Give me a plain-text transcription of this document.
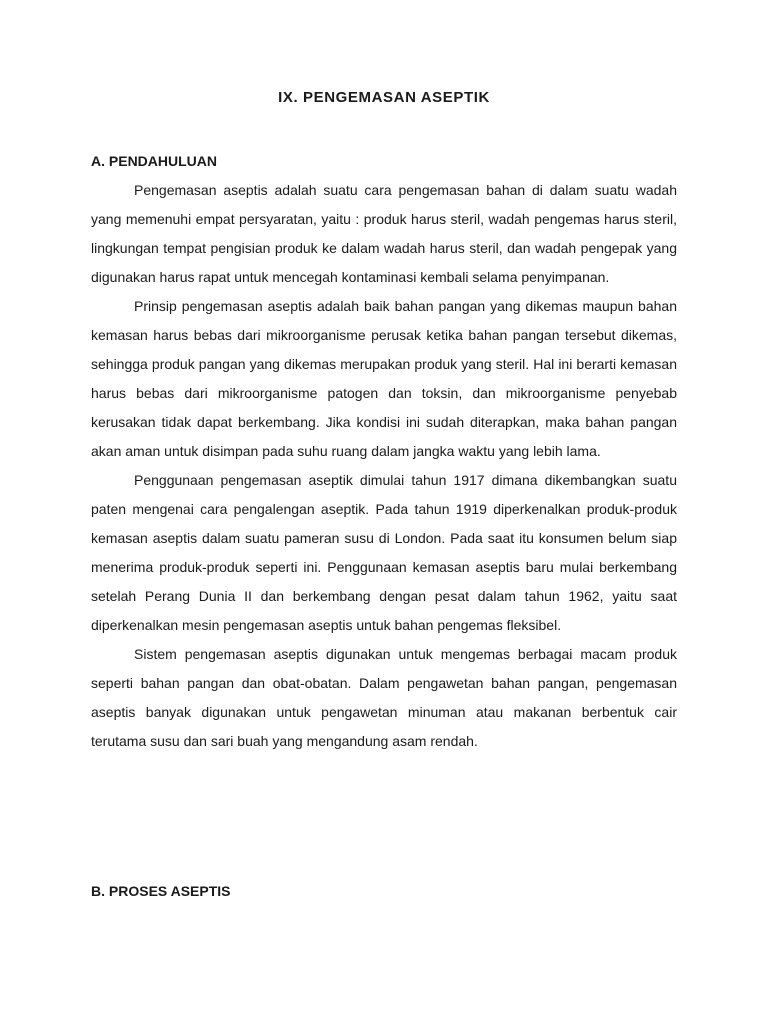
IX. PENGEMASAN ASEPTIK
A. PENDAHULUAN

Pengemasan aseptis adalah suatu cara pengemasan bahan di dalam suatu wadah yang memenuhi empat persyaratan, yaitu : produk harus steril, wadah pengemas harus steril, lingkungan tempat pengisian produk ke dalam wadah harus steril, dan wadah pengepak yang digunakan harus rapat untuk mencegah kontaminasi kembali selama penyimpanan.

Prinsip pengemasan aseptis adalah baik bahan pangan yang dikemas maupun bahan kemasan harus bebas dari mikroorganisme perusak ketika bahan pangan tersebut dikemas, sehingga produk pangan yang dikemas merupakan produk yang steril. Hal ini berarti kemasan harus bebas dari mikroorganisme patogen dan toksin, dan mikroorganisme penyebab kerusakan tidak dapat berkembang. Jika kondisi ini sudah diterapkan, maka bahan pangan akan aman untuk disimpan pada suhu ruang dalam jangka waktu yang lebih lama.

Penggunaan pengemasan aseptik dimulai tahun 1917 dimana dikembangkan suatu paten mengenai cara pengalengan aseptik. Pada tahun 1919 diperkenalkan produk-produk kemasan aseptis dalam suatu pameran susu di London. Pada saat itu konsumen belum siap menerima produk-produk seperti ini. Penggunaan kemasan aseptis baru mulai berkembang setelah Perang Dunia II dan berkembang dengan pesat dalam tahun 1962, yaitu saat diperkenalkan mesin pengemasan aseptis untuk bahan pengemas fleksibel.

Sistem pengemasan aseptis digunakan untuk mengemas berbagai macam produk seperti bahan pangan dan obat-obatan. Dalam pengawetan bahan pangan, pengemasan aseptis banyak digunakan untuk pengawetan minuman atau makanan berbentuk cair terutama susu dan sari buah yang mengandung asam rendah.

B. PROSES ASEPTIS
